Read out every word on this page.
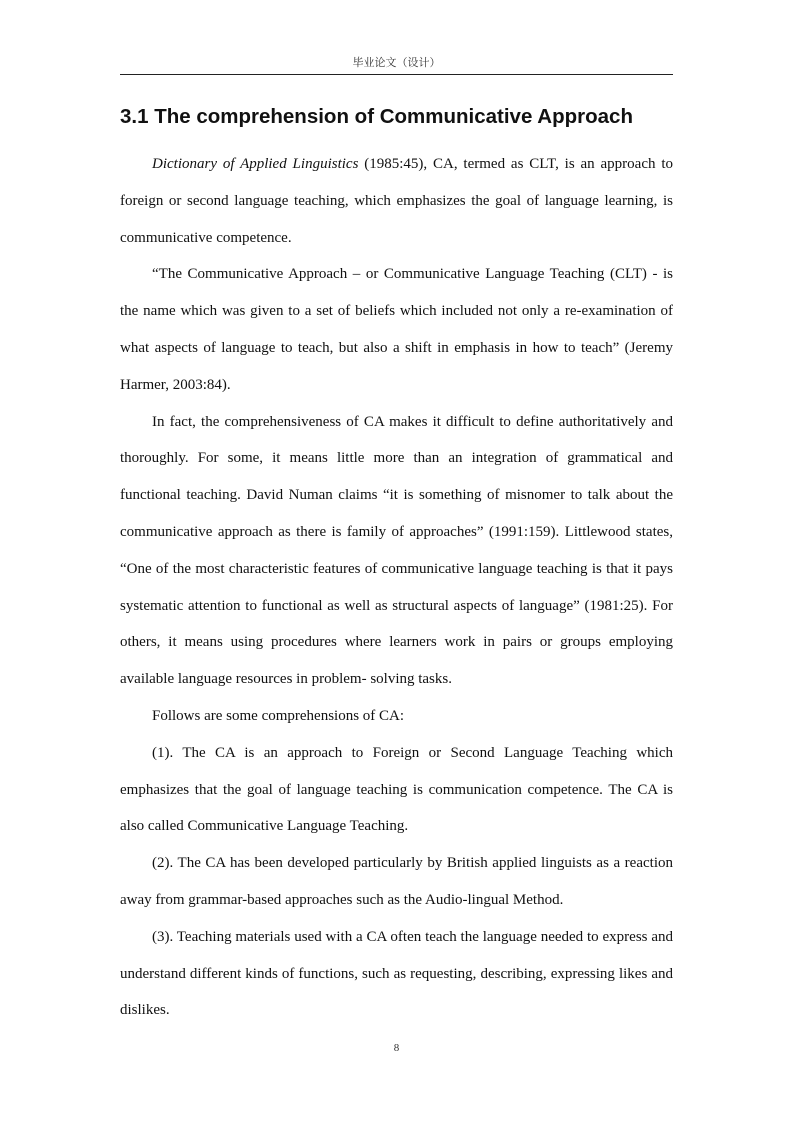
毕业论文（设计）
3.1 The comprehension of Communicative Approach

Dictionary of Applied Linguistics (1985:45), CA, termed as CLT, is an approach to foreign or second language teaching, which emphasizes the goal of language learning, is communicative competence.

“The Communicative Approach – or Communicative Language Teaching (CLT) - is the name which was given to a set of beliefs which included not only a re-examination of what aspects of language to teach, but also a shift in emphasis in how to teach” (Jeremy Harmer, 2003:84).

In fact, the comprehensiveness of CA makes it difficult to define authoritatively and thoroughly. For some, it means little more than an integration of grammatical and functional teaching. David Numan claims “it is something of misnomer to talk about the communicative approach as there is family of approaches” (1991:159). Littlewood states, “One of the most characteristic features of communicative language teaching is that it pays systematic attention to functional as well as structural aspects of language” (1981:25). For others, it means using procedures where learners work in pairs or groups employing available language resources in problem- solving tasks.

Follows are some comprehensions of CA:

(1). The CA is an approach to Foreign or Second Language Teaching which emphasizes that the goal of language teaching is communication competence. The CA is also called Communicative Language Teaching.

(2). The CA has been developed particularly by British applied linguists as a reaction away from grammar-based approaches such as the Audio-lingual Method.

(3). Teaching materials used with a CA often teach the language needed to express and understand different kinds of functions, such as requesting, describing, expressing likes and dislikes.

8
